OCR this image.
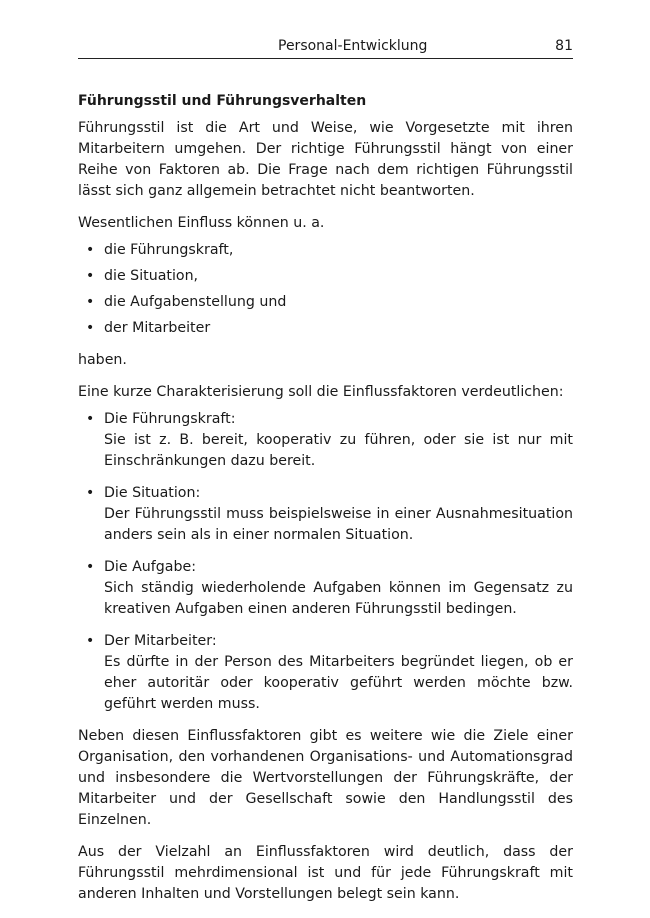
Personal-Entwicklung	81
Führungsstil und Führungsverhalten

Führungsstil ist die Art und Weise, wie Vorgesetzte mit ihren Mitarbeitern umgehen. Der richtige Führungsstil hängt von einer Reihe von Faktoren ab. Die Frage nach dem richtigen Führungsstil lässt sich ganz allgemein betrachtet nicht beantworten.

Wesentlichen Einfluss können u. a.

• die Führungskraft,
• die Situation,
• die Aufgabenstellung und
• der Mitarbeiter

haben.

Eine kurze Charakterisierung soll die Einflussfaktoren verdeutlichen:

• Die Führungskraft:
Sie ist z. B. bereit, kooperativ zu führen, oder sie ist nur mit Einschränkungen dazu bereit.
• Die Situation:
Der Führungsstil muss beispielsweise in einer Ausnahmesituation anders sein als in einer normalen Situation.
• Die Aufgabe:
Sich ständig wiederholende Aufgaben können im Gegensatz zu kreativen Aufgaben einen anderen Führungsstil bedingen.
• Der Mitarbeiter:
Es dürfte in der Person des Mitarbeiters begründet liegen, ob er eher autoritär oder kooperativ geführt werden möchte bzw. geführt werden muss.

Neben diesen Einflussfaktoren gibt es weitere wie die Ziele einer Organisation, den vorhandenen Organisations- und Automationsgrad und insbesondere die Wertvorstellungen der Führungskräfte, der Mitarbeiter und der Gesellschaft sowie den Handlungsstil des Einzelnen.

Aus der Vielzahl an Einflussfaktoren wird deutlich, dass der Führungsstil mehrdimensional ist und für jede Führungskraft mit anderen Inhalten und Vorstellungen belegt sein kann.
